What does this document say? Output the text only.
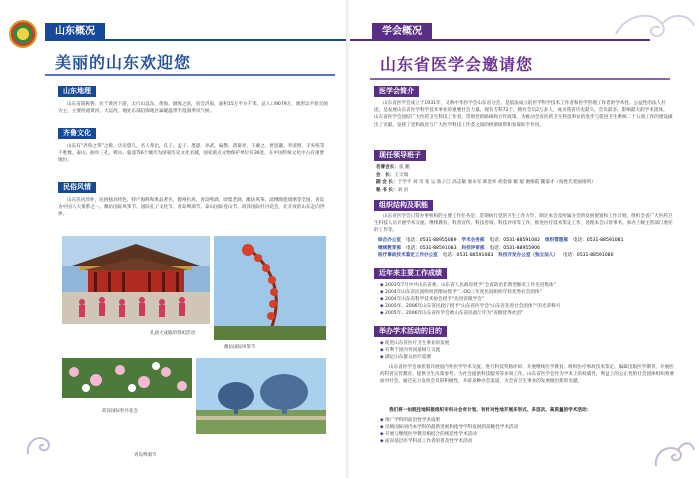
山东概况
美丽的山东欢迎您
山东地理
山东省简称鲁，位于黄河下游，太行山以东，黄海、渤海之滨，省会济南，面积15万平方千米，总人口9079万，地形以平原丘陵为主，主要河流黄河、大运河，地处东部沿海地区属暖温带半湿润季风气候。
齐鲁文化
山东有“齐鲁之邦”之称，历史悠久，名人辈出，孔子、孟子、墨翟、孙武、扁鹊、诸葛亮、王羲之、贾思勰、李清照、辛弃疾等不胜数。泰山、曲阜三孔、崂山、临淄等6个城市为国家历史文化名城，国家重点文物保护单位有36处，在中国传统文化中占有重要地位。
民俗风情
山东民风淳朴，民俗独具特色，特产海鲜和果品著名，德州扒鸡，青岛啤酒、即墨老酒，潍坊风筝、淄博陶瓷琉璃等全国，青岛为中国八大菜系之一。潍坊国际风筝节、国际孔子文化节、青岛啤酒节、泰山国际登山节、菏泽国际牡丹花会，让开放的山东走向世界。
孔庙大成殿的祭祀活动
潍坊国际风筝节
菏泽国际牡丹花会
青岛啤酒节
学会概况
山东省医学会邀请您
医学会简介
山东省医学会成立于1931年，又称中华医学会山东省分会，是依法成立的医学科学技术工作者和医学管理工作者的学术性、公益性的法人社团，是发展山东省医学科学技术事业的重要社会力量。现有专科72个，拥有会员2万多人，成为我省历史最久、会员最多、影响最大的学术团体。
山东省医学会团结广大医药卫生科技工作者，贯彻党的路线和方针政策，为推动全省医药卫生科技事业的进步与促进卫生系统二十五项工作的建设做出了贡献。发挥了党和政府与广大医学科技工作者之间的桥梁纽带和参谋助手作用。
现任领导班子
名誉会长：张 鹏
会　长：王天瑞
副 会 长：于学平 刘 奇 张 运 陈子江 高志敏 屠永军 韩金祥 胡金保 谢 琨 谢俊霞 魏秦才（按姓氏笔画排列）
秘 书 长：刘 岩
组织结构及职能
山东省医学会日常办事机构的主要工作任务是：贯彻执行党的卫生工作方针，制定本会及所属分会的发展规划和工作计划，组织全省广大医药卫生科技人员开展学术交流、继续教育、科普宣传、科技咨询、科技评审等工作，推进医疗技术鉴定工作，处理本会日常事务。承办上级主管部门委托的工作等。
综合办公室 电话：0531-88955089 学术会务部 电话：0531-88591082 组织管理部 电话：0531-88591081
继续教育部 电话：0531-88591083 科技评审部 电话：0531-88955906
医疗事故技术鉴定工作办公室 电话：0531-88591083 科技开发办公室（独立法人） 电话：0531-88591080
近年来主要工作成绩
◆ 2003年7月中共山东省委、山东省人民政府授予“全省防治非典型肺炎工作先进集体”
◆ 2004年山东省民间组织管理局授予“二OO三年度民间组织年检优秀社会团体”
◆ 2004年山东省科学技术协会授予“先进省级学会”
◆ 2005年、2006年山东省民政厅授予“山东省医学会“山东省先进社会团体”“的光荣称号
◆ 2005年、2006年山东省医学会被山东省民政厅评为“省级优秀社团”
举办学术活动的目的
◆ 促进山东省医疗卫生事业的发展
◆ 有利于国内外同道相互交流
◆ 满足山东群众医疗需要
山东省医学会承担着开展国内外医学学术交流、进行科技奖励评审、开展继续医学教育、组织医疗事故技术鉴定、编辑出版医学期刊、开展医药科普宣传教育、提供卫生决策参考、为社会提供科技服务等多项工作。山东省医学会作为学术上的权威性、利益上的公正性的社会团体组织将要面对社会，通过充分发挥会员的积极性，开辟多种办会渠道，为全省卫生事业的发展做出新的贡献。
我们将一如既往地积极组织专科分会有计划、有针对性地开展多形式、多层次、高质量的学术活动：
◆ 推广学科的前沿性学术成果
◆ 反映国际国内本学科的最新进展和指导学科发展的前瞻性学术活动
◆ 开展与继续医学教育相结合的规范性学术活动
◆ 面向基层医学科技工作者的普及性学术活动
